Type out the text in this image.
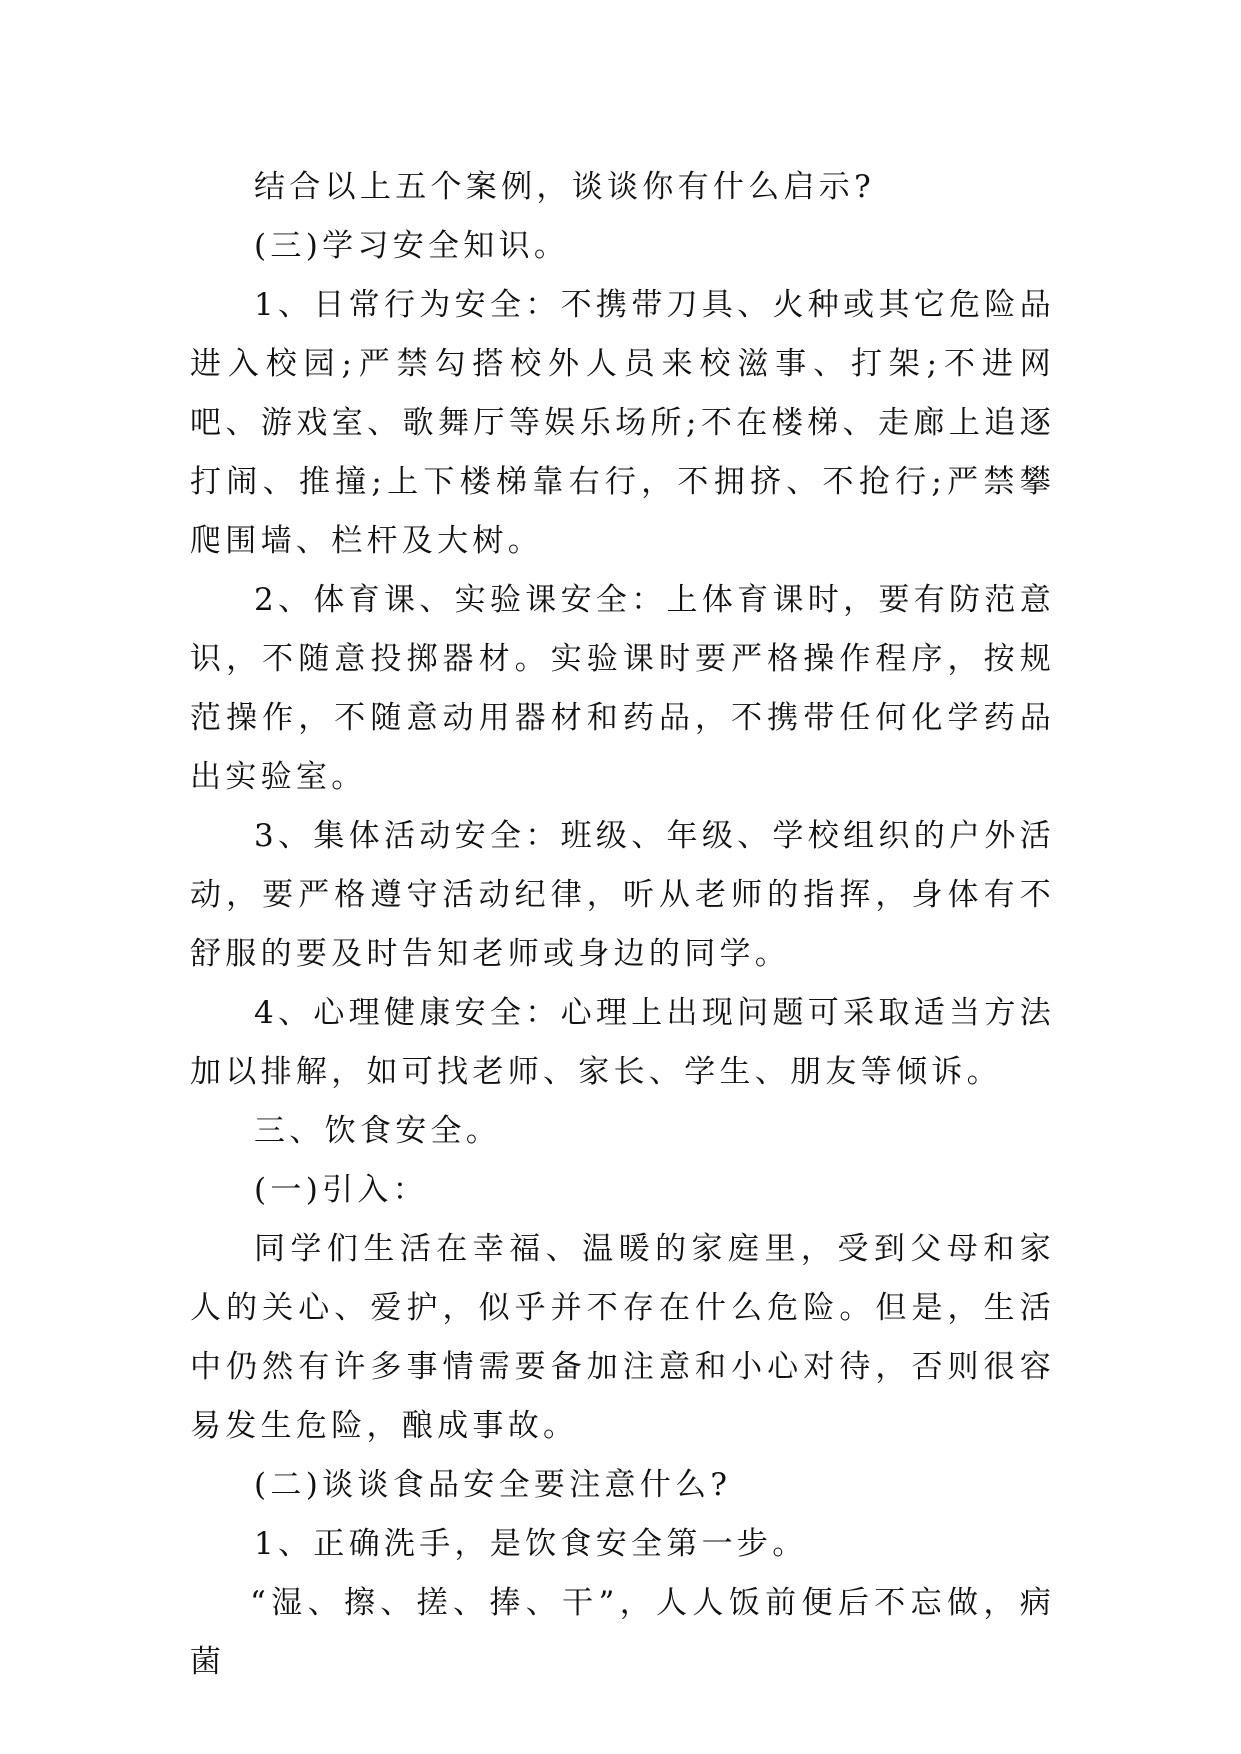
结合以上五个案例，谈谈你有什么启示?

(三)学习安全知识。

1、日常行为安全：不携带刀具、火种或其它危险品进入校园;严禁勾搭校外人员来校滋事、打架;不进网吧、游戏室、歌舞厅等娱乐场所;不在楼梯、走廊上追逐打闹、推撞;上下楼梯靠右行，不拥挤、不抢行;严禁攀爬围墙、栏杆及大树。

2、体育课、实验课安全：上体育课时，要有防范意识，不随意投掷器材。实验课时要严格操作程序，按规范操作，不随意动用器材和药品，不携带任何化学药品出实验室。

3、集体活动安全：班级、年级、学校组织的户外活动，要严格遵守活动纪律，听从老师的指挥，身体有不舒服的要及时告知老师或身边的同学。

4、心理健康安全：心理上出现问题可采取适当方法加以排解，如可找老师、家长、学生、朋友等倾诉。

三、饮食安全。

(一)引入：

同学们生活在幸福、温暖的家庭里，受到父母和家人的关心、爱护，似乎并不存在什么危险。但是，生活中仍然有许多事情需要备加注意和小心对待，否则很容易发生危险，酿成事故。

(二)谈谈食品安全要注意什么?

1、正确洗手，是饮食安全第一步。

“湿、擦、搓、捧、干”，人人饭前便后不忘做，病菌
